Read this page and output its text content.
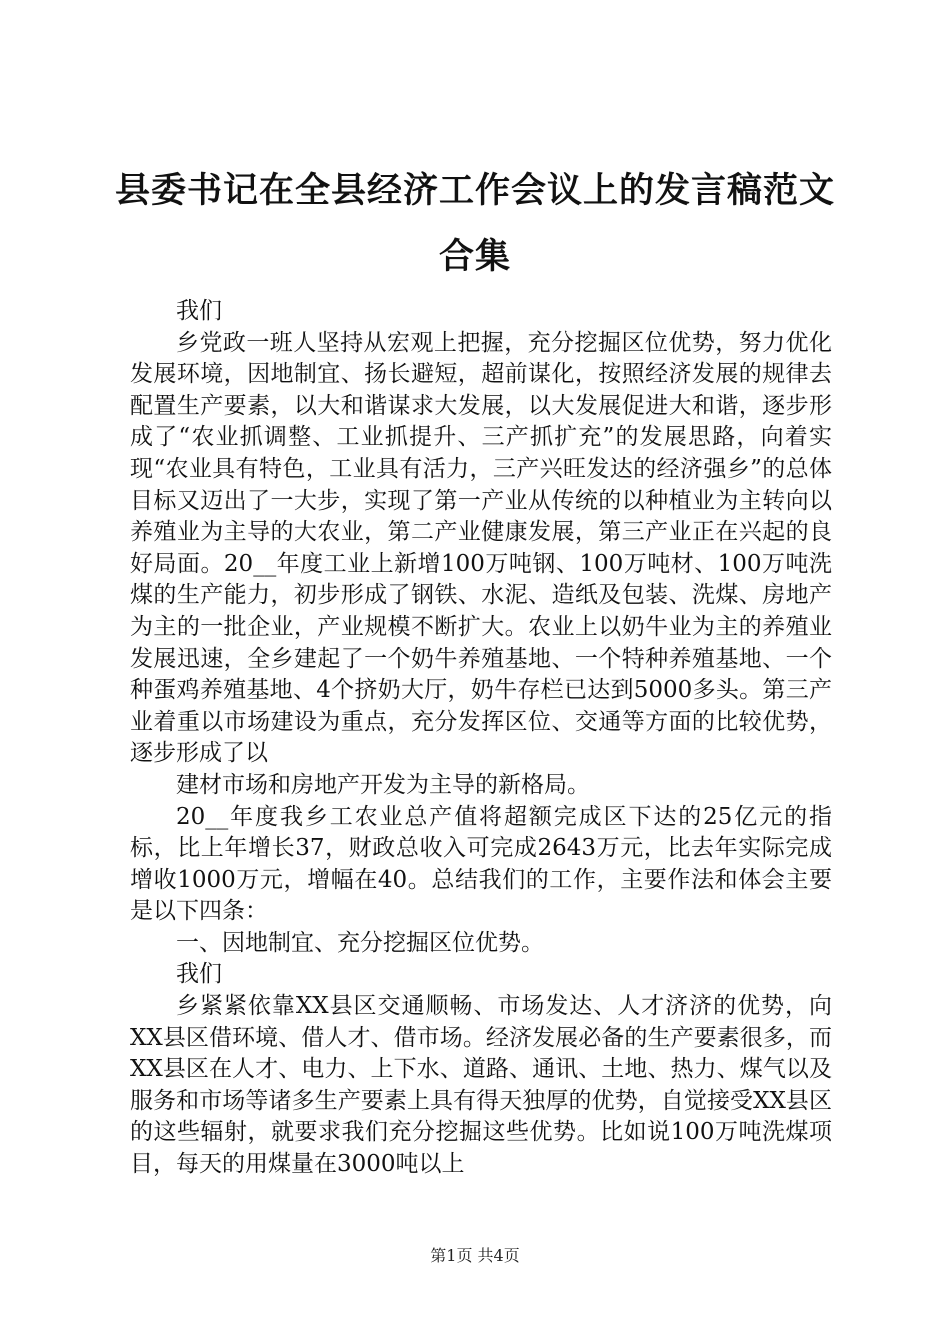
县委书记在全县经济工作会议上的发言稿范文合集

我们

乡党政一班人坚持从宏观上把握，充分挖掘区位优势，努力优化发展环境，因地制宜、扬长避短，超前谋化，按照经济发展的规律去配置生产要素，以大和谐谋求大发展，以大发展促进大和谐，逐步形成了“农业抓调整、工业抓提升、三产抓扩充”的发展思路，向着实现“农业具有特色，工业具有活力，三产兴旺发达的经济强乡”的总体目标又迈出了一大步，实现了第一产业从传统的以种植业为主转向以养殖业为主导的大农业，第二产业健康发展，第三产业正在兴起的良好局面。20__年度工业上新增100万吨钢、100万吨材、100万吨洗煤的生产能力，初步形成了钢铁、水泥、造纸及包装、洗煤、房地产为主的一批企业，产业规模不断扩大。农业上以奶牛业为主的养殖业发展迅速，全乡建起了一个奶牛养殖基地、一个特种养殖基地、一个种蛋鸡养殖基地、4个挤奶大厅，奶牛存栏已达到5000多头。第三产业着重以市场建设为重点，充分发挥区位、交通等方面的比较优势，逐步形成了以

建材市场和房地产开发为主导的新格局。

20__年度我乡工农业总产值将超额完成区下达的25亿元的指标，比上年增长37，财政总收入可完成2643万元，比去年实际完成增收1000万元，增幅在40。总结我们的工作，主要作法和体会主要是以下四条：

一、因地制宜、充分挖掘区位优势。

我们

乡紧紧依靠XX县区交通顺畅、市场发达、人才济济的优势，向XX县区借环境、借人才、借市场。经济发展必备的生产要素很多，而XX县区在人才、电力、上下水、道路、通讯、土地、热力、煤气以及服务和市场等诸多生产要素上具有得天独厚的优势，自觉接受XX县区的这些辐射，就要求我们充分挖掘这些优势。比如说100万吨洗煤项目，每天的用煤量在3000吨以上

第1页 共4页
